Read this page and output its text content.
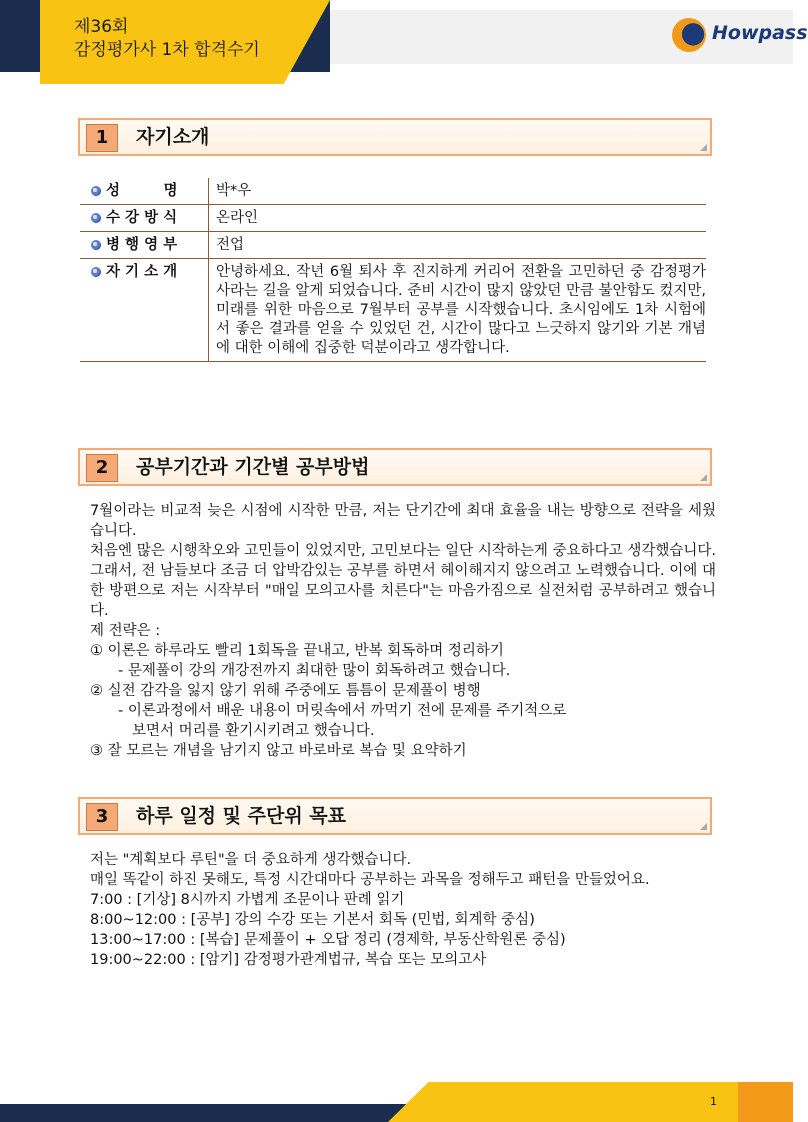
제36회
감정평가사 1차 합격수기
Howpass
1	자기소개
성　　　명	박*우
수 강 방 식	온라인
병 행 영 부	전업
자 기 소 개	안녕하세요. 작년 6월 퇴사 후 진지하게 커리어 전환을 고민하던 중 감정평가사라는 길을 알게 되었습니다. 준비 시간이 많지 않았던 만큼 불안함도 컸지만, 미래를 위한 마음으로 7월부터 공부를 시작했습니다. 초시임에도 1차 시험에서 좋은 결과를 얻을 수 있었던 건, 시간이 많다고 느긋하지 않기와 기본 개념에 대한 이해에 집중한 덕분이라고 생각합니다.
2	공부기간과 기간별 공부방법

7월이라는 비교적 늦은 시점에 시작한 만큼, 저는 단기간에 최대 효율을 내는 방향으로 전략을 세웠습니다.

처음엔 많은 시행착오와 고민들이 있었지만, 고민보다는 일단 시작하는게 중요하다고 생각했습니다. 그래서, 전 남들보다 조금 더 압박감있는 공부를 하면서 헤이해지지 않으려고 노력했습니다. 이에 대한 방편으로 저는 시작부터 "매일 모의고사를 치른다"는 마음가짐으로 실전처럼 공부하려고 했습니다.

제 전략은 :

① 이론은 하루라도 빨리 1회독을 끝내고, 반복 회독하며 정리하기

- 문제풀이 강의 개강전까지 최대한 많이 회독하려고 했습니다.

② 실전 감각을 잃지 않기 위해 주중에도 틈틈이 문제풀이 병행

- 이론과정에서 배운 내용이 머릿속에서 까먹기 전에 문제를 주기적으로

보면서 머리를 환기시키려고 했습니다.

③ 잘 모르는 개념을 남기지 않고 바로바로 복습 및 요약하기

3	하루 일정 및 주단위 목표

저는 "계획보다 루틴"을 더 중요하게 생각했습니다.

매일 똑같이 하진 못해도, 특정 시간대마다 공부하는 과목을 정해두고 패턴을 만들었어요.

7:00 : [기상] 8시까지 가볍게 조문이나 판례 읽기

8:00~12:00 : [공부] 강의 수강 또는 기본서 회독 (민법, 회계학 중심)

13:00~17:00 : [복습] 문제풀이 + 오답 정리 (경제학, 부동산학원론 중심)

19:00~22:00 : [암기] 감정평가관계법규, 복습 또는 모의고사

1
